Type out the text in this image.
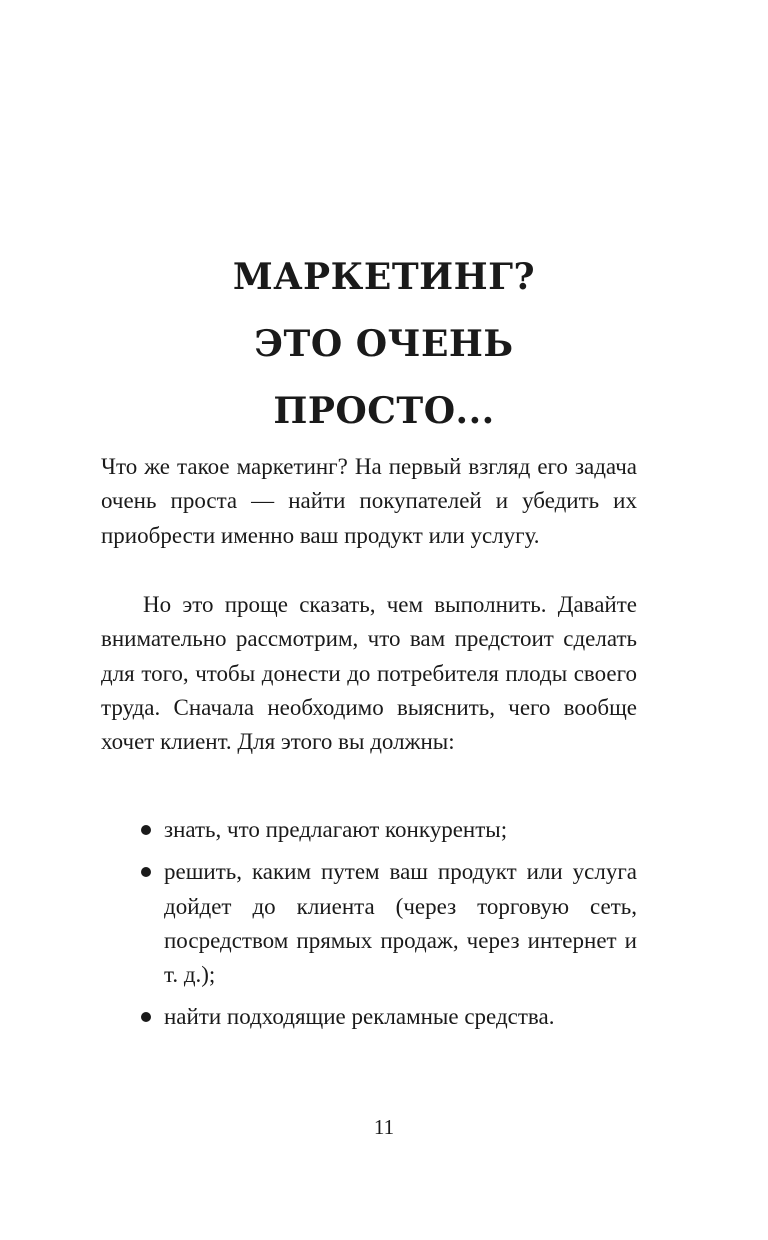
МАРКЕТИНГ?
ЭТО ОЧЕНЬ
ПРОСТО...
Что же такое маркетинг? На первый взгляд его задача очень проста — найти покупателей и убедить их приобрести именно ваш продукт или услугу.
Но это проще сказать, чем выполнить. Давайте внимательно рассмотрим, что вам предстоит сделать для того, чтобы донести до потребителя плоды своего труда. Сначала необходимо выяснить, чего вообще хочет клиент. Для этого вы должны:
знать, что предлагают конкуренты;
решить, каким путем ваш продукт или услуга дойдет до клиента (через торговую сеть, посредством прямых продаж, через интернет и т. д.);
найти подходящие рекламные средства.
11
